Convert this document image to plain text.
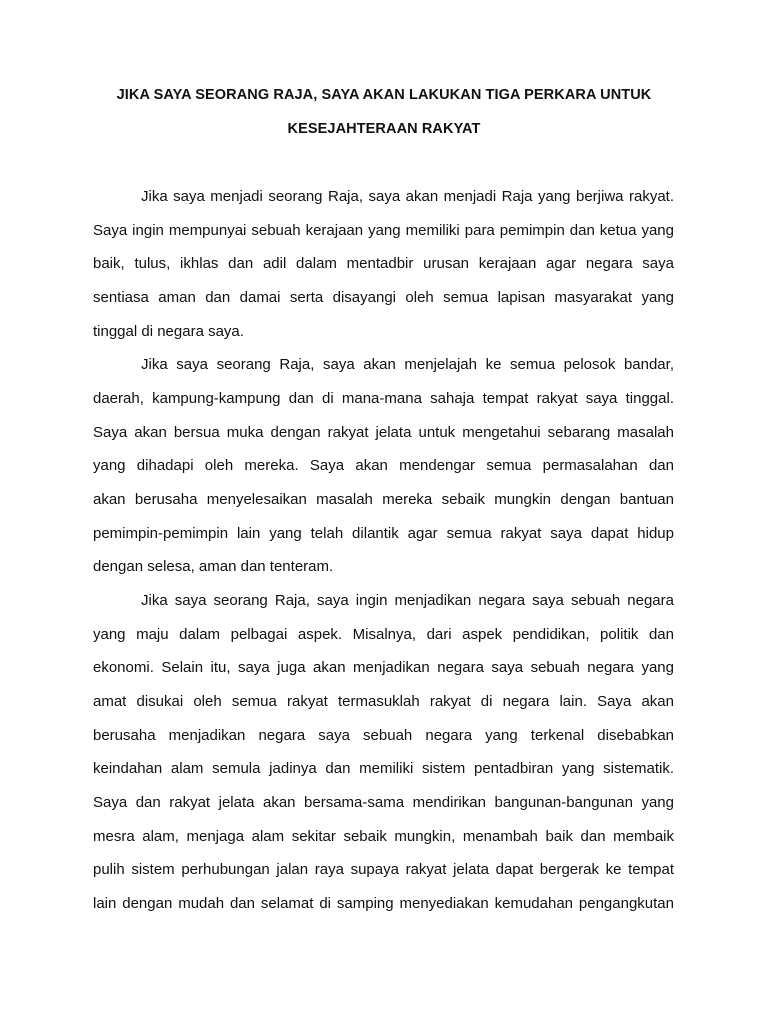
JIKA SAYA SEORANG RAJA, SAYA AKAN LAKUKAN TIGA PERKARA UNTUK
KESEJAHTERAAN RAKYAT
Jika saya menjadi seorang Raja, saya akan menjadi Raja yang berjiwa rakyat.
Saya ingin mempunyai sebuah kerajaan yang memiliki para pemimpin dan ketua yang
baik, tulus, ikhlas dan adil dalam mentadbir urusan kerajaan agar negara saya
sentiasa aman dan damai serta disayangi oleh semua lapisan masyarakat yang
tinggal di negara saya.
Jika saya seorang Raja, saya akan menjelajah ke semua pelosok bandar,
daerah, kampung-kampung dan di mana-mana sahaja tempat rakyat saya tinggal.
Saya akan bersua muka dengan rakyat jelata untuk mengetahui sebarang masalah
yang dihadapi oleh mereka. Saya akan mendengar semua permasalahan dan
akan berusaha menyelesaikan masalah mereka sebaik mungkin dengan bantuan
pemimpin-pemimpin lain yang telah dilantik agar semua rakyat saya dapat hidup
dengan selesa, aman dan tenteram.
Jika saya seorang Raja, saya ingin menjadikan negara saya sebuah negara
yang maju dalam pelbagai aspek. Misalnya, dari aspek pendidikan, politik dan
ekonomi. Selain itu, saya juga akan menjadikan negara saya sebuah negara yang
amat disukai oleh semua rakyat termasuklah rakyat di negara lain. Saya akan
berusaha menjadikan negara saya sebuah negara yang terkenal disebabkan
keindahan alam semula jadinya dan memiliki sistem pentadbiran yang sistematik.
Saya dan rakyat jelata akan bersama-sama mendirikan bangunan-bangunan yang
mesra alam, menjaga alam sekitar sebaik mungkin, menambah baik dan membaik
pulih sistem perhubungan jalan raya supaya rakyat jelata dapat bergerak ke tempat
lain dengan mudah dan selamat di samping menyediakan kemudahan pengangkutan
